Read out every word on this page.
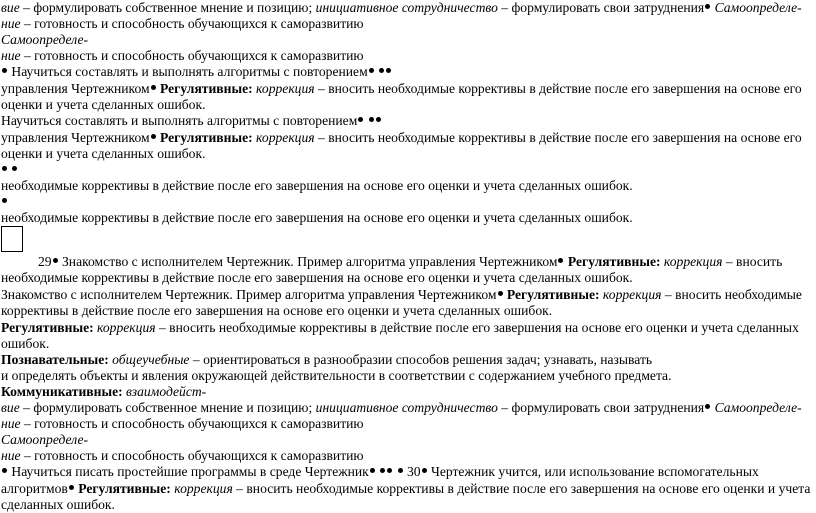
вие – формулировать собственное мнение и позицию; инициативное сотрудничество – формулировать свои затруднения Самоопределе-
ние – готовность и способность обучающихся к саморазвитию
Самоопределе-
ние – готовность и способность обучающихся к саморазвитию
Научиться составлять и выполнять алгоритмы с повторением
управления Чертежником Регулятивные: коррекция – вносить необходимые коррективы в действие после его завершения на основе его
оценки и учета сделанных ошибок.
Научиться составлять и выполнять алгоритмы с повторением
управления Чертежником Регулятивные: коррекция – вносить необходимые коррективы в действие после его завершения на основе его
оценки и учета сделанных ошибок.

необходимые коррективы в действие после его завершения на основе его оценки и учета сделанных ошибок.
необходимые коррективы в действие после его завершения на основе его оценки и учета сделанных ошибок.
29 Знакомство с исполнителем Чертежник. Пример алгоритма управления Чертежником Регулятивные: коррекция – вносить
необходимые коррективы в действие после его завершения на основе его оценки и учета сделанных ошибок.
Знакомство с исполнителем Чертежник. Пример алгоритма управления Чертежником Регулятивные: коррекция – вносить необходимые
коррективы в действие после его завершения на основе его оценки и учета сделанных ошибок.
Регулятивные: коррекция – вносить необходимые коррективы в действие после его завершения на основе его оценки и учета сделанных
ошибок.
Познавательные: общеучебные – ориентироваться в разнообразии способов решения задач; узнавать, называть
и определять объекты и явления окружающей действительности в соответствии с содержанием учебного предмета.
Коммуникативные: взаимодейст-
вие – формулировать собственное мнение и позицию; инициативное сотрудничество – формулировать свои затруднения Самоопределе-
ние – готовность и способность обучающихся к саморазвитию
Самоопределе-
ние – готовность и способность обучающихся к саморазвитию
Научиться писать простейшие программы в среде Чертежник	30 Чертежник учится, или использование вспомогательных
алгоритмов Регулятивные: коррекция – вносить необходимые коррективы в действие после его завершения на основе его оценки и учета
сделанных ошибок.
